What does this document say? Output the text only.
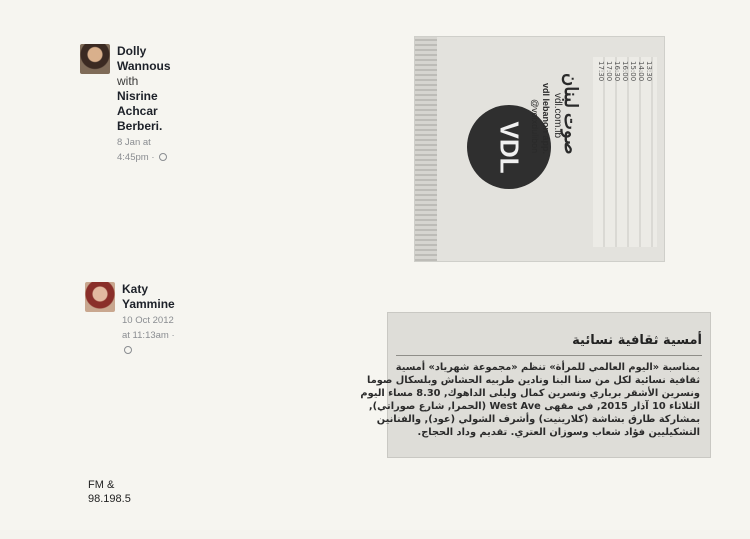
Dolly Wannous with Nisrine Achcar
Berberi.
8 Jan at 4:45pm ·
Katy Yammine
10 Oct 2012 at 11:13am ·
FM & 98.198.5
VDL صوت لبنان
vdl.com.lb
vdl lebanon app.
@voixdulibon
13:30
14:00
15:00
16:00
16:30
17:00
17:30
أمسية ثقافية نسائية
بمناسبة «اليوم العالمي للمرأة» تنظم «مجموعة شهرياد» أمسية
ثقافية نسائية لكل من سنا البنا ونادين طربيه الحشاش وبلسكال صوما
ونسرين الأشقر برباري ونسرين كمال وليلى الداهوك, 8.30 مساء اليوم
الثلاثاء 10 آذار 2015, في مقهى West Ave (الحمرا, شارع صوراتي),
بمشاركة طارق بشاشة (كلارينيت) وأشرف الشولي (عود), والفنانين
التشكيليين فؤاد شعاب وسوزان العتري. تقديم وداد الحجاج.
